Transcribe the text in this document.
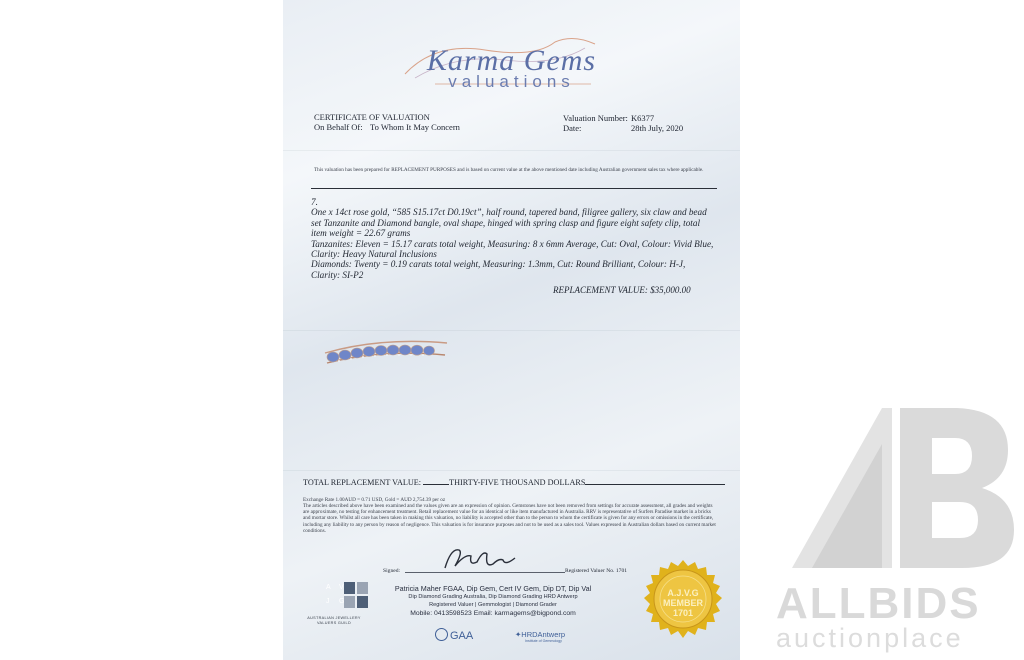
ALLBIDS
auctionplace
Karma Gems
valuations
CERTIFICATE OF VALUATION
On Behalf Of: To Whom It May Concern
Valuation Number: K6377
Date:	28th July, 2020
This valuation has been prepared for REPLACEMENT PURPOSES and is based on current value at the above mentioned date including Australian government sales tax where applicable.

7.

One x 14ct rose gold, “585 S15.17ct D0.19ct”, half round, tapered band, filigree gallery, six claw and bead set Tanzanite and Diamond bangle, oval shape, hinged with spring clasp and figure eight safety clip, total item weight = 22.67 grams

Tanzanites: Eleven = 15.17 carats total weight, Measuring: 8 x 6mm Average, Cut: Oval, Colour: Vivid Blue, Clarity: Heavy Natural Inclusions

Diamonds: Twenty = 0.19 carats total weight, Measuring: 1.3mm, Cut: Round Brilliant, Colour: H-J, Clarity: SI-P2

REPLACEMENT VALUE: $35,000.00
TOTAL REPLACEMENT VALUE:	THIRTY-FIVE THOUSAND DOLLARS
Exchange Rate 1.00AUD = 0.71 USD, Gold = AUD 2,754.39 per oz
The articles described above have been examined and the values given are an expression of opinion. Gemstones have not been removed from settings for accurate assessment, all grades and weights are approximate, no testing for enhancement treatment. Retail replacement value for an identical or like item manufactured in Australia. RRV is representative of Surfers Paradise market in a bricks and mortar store. Whilst all care has been taken in making this valuation, no liability is accepted other than to the person to whom the certificate is given for any errors or omissions in the certificate, including any liability to any person by reason of negligence. This valuation is for insurance purposes and not to be used as a sales tool. Values expressed in Australian dollars based on current market conditions.
Signed:	Registered Valuer No. 1701
A V
J G
AUSTRALIAN JEWELLERY VALUERS GUILD
Patricia Maher FGAA, Dip Gem, Cert IV Gem, Dip DT, Dip Val
Dip Diamond Grading Australia, Dip Diamond Grading HRD Antwerp
Registered Valuer | Gemmologist | Diamond Grader
Mobile: 0413598523 Email: karmagems@bigpond.com
GAA	✦HRDAntwerp
Institute of Gemmology
A.J.V.G
MEMBER
1701
